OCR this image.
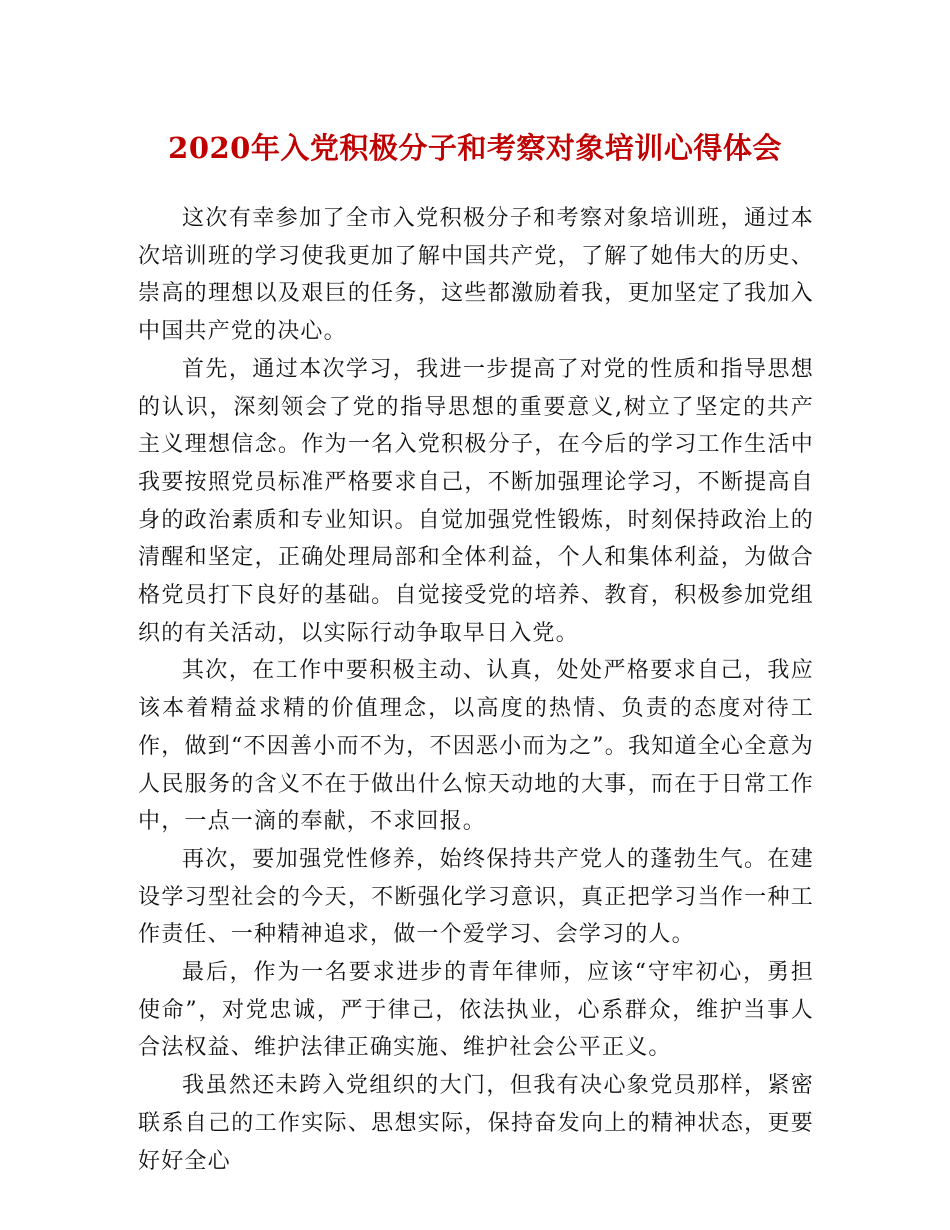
2020年入党积极分子和考察对象培训心得体会

这次有幸参加了全市入党积极分子和考察对象培训班，通过本次培训班的学习使我更加了解中国共产党，了解了她伟大的历史、崇高的理想以及艰巨的任务，这些都激励着我，更加坚定了我加入中国共产党的决心。

首先，通过本次学习，我进一步提高了对党的性质和指导思想的认识，深刻领会了党的指导思想的重要意义,树立了坚定的共产主义理想信念。作为一名入党积极分子，在今后的学习工作生活中我要按照党员标准严格要求自己，不断加强理论学习，不断提高自身的政治素质和专业知识。自觉加强党性锻炼，时刻保持政治上的清醒和坚定，正确处理局部和全体利益，个人和集体利益，为做合格党员打下良好的基础。自觉接受党的培养、教育，积极参加党组织的有关活动，以实际行动争取早日入党。

其次，在工作中要积极主动、认真，处处严格要求自己，我应该本着精益求精的价值理念，以高度的热情、负责的态度对待工作，做到“不因善小而不为，不因恶小而为之”。我知道全心全意为人民服务的含义不在于做出什么惊天动地的大事，而在于日常工作中，一点一滴的奉献，不求回报。

再次，要加强党性修养，始终保持共产党人的蓬勃生气。在建设学习型社会的今天，不断强化学习意识，真正把学习当作一种工作责任、一种精神追求，做一个爱学习、会学习的人。

最后，作为一名要求进步的青年律师，应该“守牢初心，勇担使命”，对党忠诚，严于律己，依法执业，心系群众，维护当事人合法权益、维护法律正确实施、维护社会公平正义。

我虽然还未跨入党组织的大门，但我有决心象党员那样，紧密联系自己的工作实际、思想实际，保持奋发向上的精神状态，更要好好全心
